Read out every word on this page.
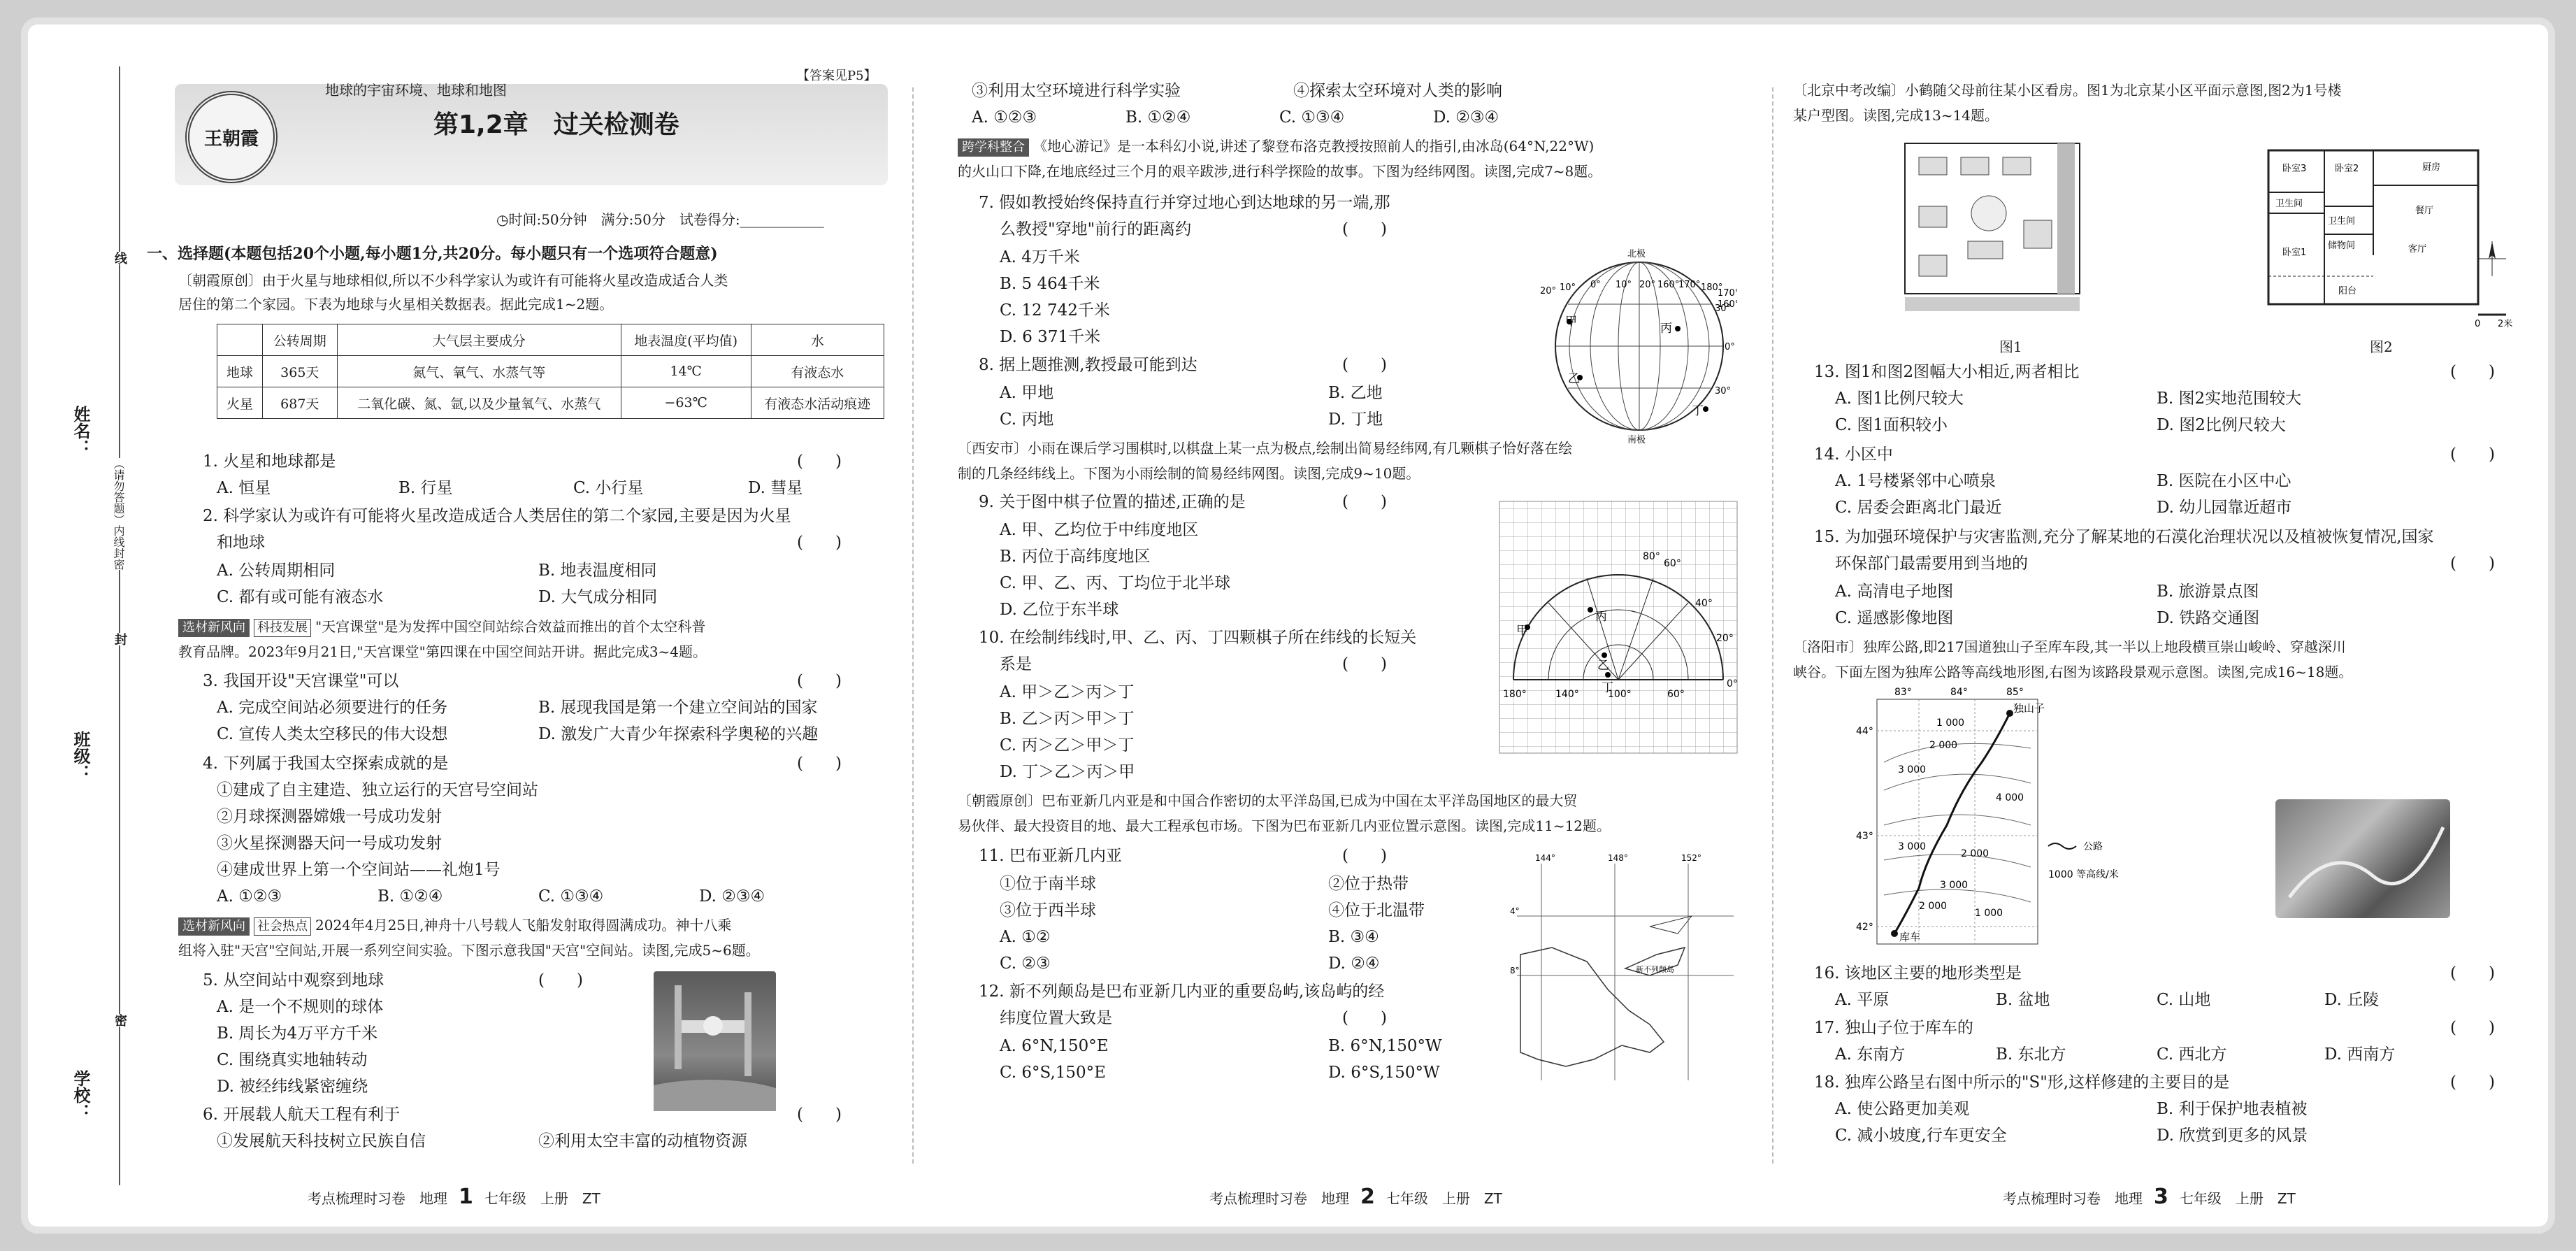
姓名：
班级：
学校：
线
封
密
（请勿答题）内线封密
王朝霞
地球的宇宙环境、地球和地图
【答案见P5】
第1,2章　过关检测卷
◷时间:50分钟　满分:50分　试卷得分:____________
一、选择题(本题包括20个小题,每小题1分,共20分。每小题只有一个选项符合题意)
〔朝霞原创〕由于火星与地球相似,所以不少科学家认为或许有可能将火星改造成适合人类
居住的第二个家园。下表为地球与火星相关数据表。据此完成1~2题。
	公转周期	大气层主要成分	地表温度(平均值)	水
地球	365天	氮气、氧气、水蒸气等	14℃	有液态水
火星	687天	二氧化碳、氮、氩,以及少量氧气、水蒸气	−63℃	有液态水活动痕迹
1. 火星和地球都是	(　　)
A. 恒星	B. 行星	C. 小行星	D. 彗星
2. 科学家认为或许有可能将火星改造成适合人类居住的第二个家园,主要是因为火星
和地球	(　　)
A. 公转周期相同	B. 地表温度相同
C. 都有或可能有液态水	D. 大气成分相同
选材新风向 科技发展 "天宫课堂"是为发挥中国空间站综合效益而推出的首个太空科普
教育品牌。2023年9月21日,"天宫课堂"第四课在中国空间站开讲。据此完成3~4题。
3. 我国开设"天宫课堂"可以	(　　)
A. 完成空间站必须要进行的任务	B. 展现我国是第一个建立空间站的国家
C. 宣传人类太空移民的伟大设想	D. 激发广大青少年探索科学奥秘的兴趣
4. 下列属于我国太空探索成就的是	(　　)
①建成了自主建造、独立运行的天宫号空间站
②月球探测器嫦娥一号成功发射
③火星探测器天问一号成功发射
④建成世界上第一个空间站——礼炮1号
A. ①②③	B. ①②④	C. ①③④	D. ②③④
选材新风向 社会热点 2024年4月25日,神舟十八号载人飞船发射取得圆满成功。神十八乘
组将入驻"天宫"空间站,开展一系列空间实验。下图示意我国"天宫"空间站。读图,完成5~6题。
5. 从空间站中观察到地球	(　　)
A. 是一个不规则的球体
B. 周长为4万平方千米
C. 围绕真实地轴转动
D. 被经纬线紧密缠绕
6. 开展载人航天工程有利于	(　　)
①发展航天科技树立民族自信	②利用太空丰富的动植物资源
考点梳理时习卷　地理 1 七年级　上册　ZT
③利用太空环境进行科学实验	④探索太空环境对人类的影响
A. ①②③	B. ①②④	C. ①③④	D. ②③④
跨学科整合 《地心游记》是一本科幻小说,讲述了黎登布洛克教授按照前人的指引,由冰岛(64°N,22°W)
的火山口下降,在地底经过三个月的艰辛跋涉,进行科学探险的故事。下图为经纬网图。读图,完成7~8题。
7. 假如教授始终保持直行并穿过地心到达地球的另一端,那
么教授"穿地"前行的距离约	(　　)
A. 4万千米
B. 5 464千米
C. 12 742千米
D. 6 371千米
8. 据上题推测,教授最可能到达	(　　)
A. 甲地	B. 乙地
C. 丙地	D. 丁地
北极
南极
20° 10° 0° 10° 20° 160°
170° 180°
170
160
30°
0°
30°
甲
乙
丙
丁
〔西安市〕小雨在课后学习围棋时,以棋盘上某一点为极点,绘制出简易经纬网,有几颗棋子恰好落在绘
制的几条经纬线上。下图为小雨绘制的简易经纬网图。读图,完成9~10题。
9. 关于图中棋子位置的描述,正确的是	(　　)
A. 甲、乙均位于中纬度地区
B. 丙位于高纬度地区
C. 甲、乙、丙、丁均位于北半球
D. 乙位于东半球
10. 在绘制纬线时,甲、乙、丙、丁四颗棋子所在纬线的长短关
系是	(　　)
A. 甲＞乙＞丙＞丁
B. 乙＞丙＞甲＞丁
C. 丙＞乙＞甲＞丁
D. 丁＞乙＞丙＞甲
80°
60°
40°
20°
0°
180°	140°	100°	60°
甲
乙
丙
丁
〔朝霞原创〕巴布亚新几内亚是和中国合作密切的太平洋岛国,已成为中国在太平洋岛国地区的最大贸
易伙伴、最大投资目的地、最大工程承包市场。下图为巴布亚新几内亚位置示意图。读图,完成11~12题。
11. 巴布亚新几内亚	(　　)
①位于南半球	②位于热带
③位于西半球	④位于北温带
A. ①②	B. ③④
C. ②③	D. ②④
12. 新不列颠岛是巴布亚新几内亚的重要岛屿,该岛屿的经
纬度位置大致是	(　　)
A. 6°N,150°E	B. 6°N,150°W
C. 6°S,150°E	D. 6°S,150°W
144°	148°	152°
4°
8°	新不列颠岛
考点梳理时习卷　地理 2 七年级　上册　ZT
〔北京中考改编〕小鹤随父母前往某小区看房。图1为北京某小区平面示意图,图2为1号楼
某户型图。读图,完成13~14题。
图1
卧室3	卧室2	厨房
卫生间
餐厅
卫生间
储物间	客厅
卧室1
阳台
0 2米
图2
13. 图1和图2图幅大小相近,两者相比	(　　)
A. 图1比例尺较大	B. 图2实地范围较大
C. 图1面积较小	D. 图2比例尺较大
14. 小区中	(　　)
A. 1号楼紧邻中心喷泉	B. 医院在小区中心
C. 居委会距离北门最近	D. 幼儿园靠近超市
15. 为加强环境保护与灾害监测,充分了解某地的石漠化治理状况以及植被恢复情况,国家
环保部门最需要用到当地的	(　　)
A. 高清电子地图	B. 旅游景点图
C. 遥感影像地图	D. 铁路交通图
〔洛阳市〕独库公路,即217国道独山子至库车段,其一半以上地段横亘崇山峻岭、穿越深川
峡谷。下面左图为独库公路等高线地形图,右图为该路段景观示意图。读图,完成16~18题。
83°	84°	85°
44°
43°
42°
独山子
库车
1 000
2 000
3 000
4 000
3 000
2 000
3 000
1 000
2 000
公路
1000 等高线/米
16. 该地区主要的地形类型是	(　　)
A. 平原	B. 盆地	C. 山地	D. 丘陵
17. 独山子位于库车的	(　　)
A. 东南方	B. 东北方	C. 西北方	D. 西南方
18. 独库公路呈右图中所示的"S"形,这样修建的主要目的是	(　　)
A. 使公路更加美观	B. 利于保护地表植被
C. 减小坡度,行车更安全	D. 欣赏到更多的风景
考点梳理时习卷　地理 3 七年级　上册　ZT
